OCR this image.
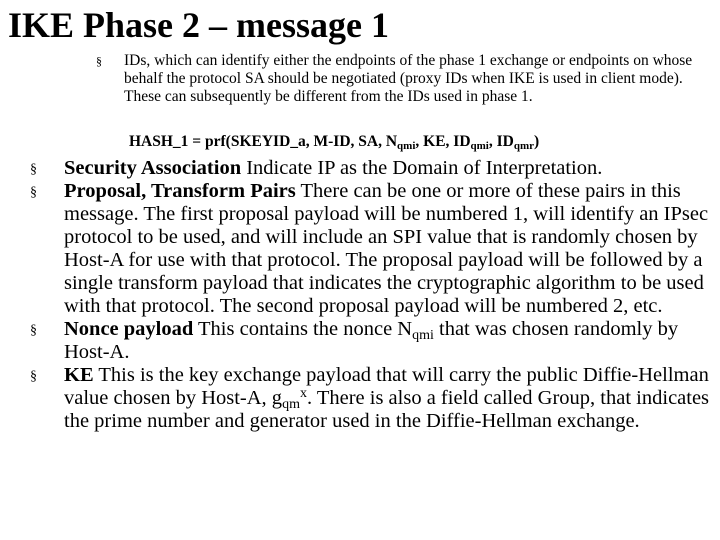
IKE Phase 2 – message 1
§ IDs, which can identify either the endpoints of the phase 1 exchange or endpoints on whose behalf the protocol SA should be negotiated (proxy IDs when IKE is used in client mode). These can subsequently be different from the IDs used in phase 1.
HASH_1 = prf(SKEYID_a, M-ID, SA, $N_{qmi}$, KE, $ID_{qmi}$, $ID_{qmr}$)
§ Security Association Indicate IP as the Domain of Interpretation.
§ Proposal, Transform Pairs There can be one or more of these pairs in this message. The first proposal payload will be numbered 1, will identify an IPsec protocol to be used, and will include an SPI value that is randomly chosen by Host-A for use with that protocol. The proposal payload will be followed by a single transform payload that indicates the cryptographic algorithm to be used with that protocol. The second proposal payload will be numbered 2, etc.
§ Nonce payload This contains the nonce $N_{qmi}$ that was chosen randomly by Host-A.
§ KE This is the key exchange payload that will carry the public Diffie-Hellman value chosen by Host-A, $g_{qm}^x$. There is also a field called Group, that indicates the prime number and generator used in the Diffie-Hellman exchange.
